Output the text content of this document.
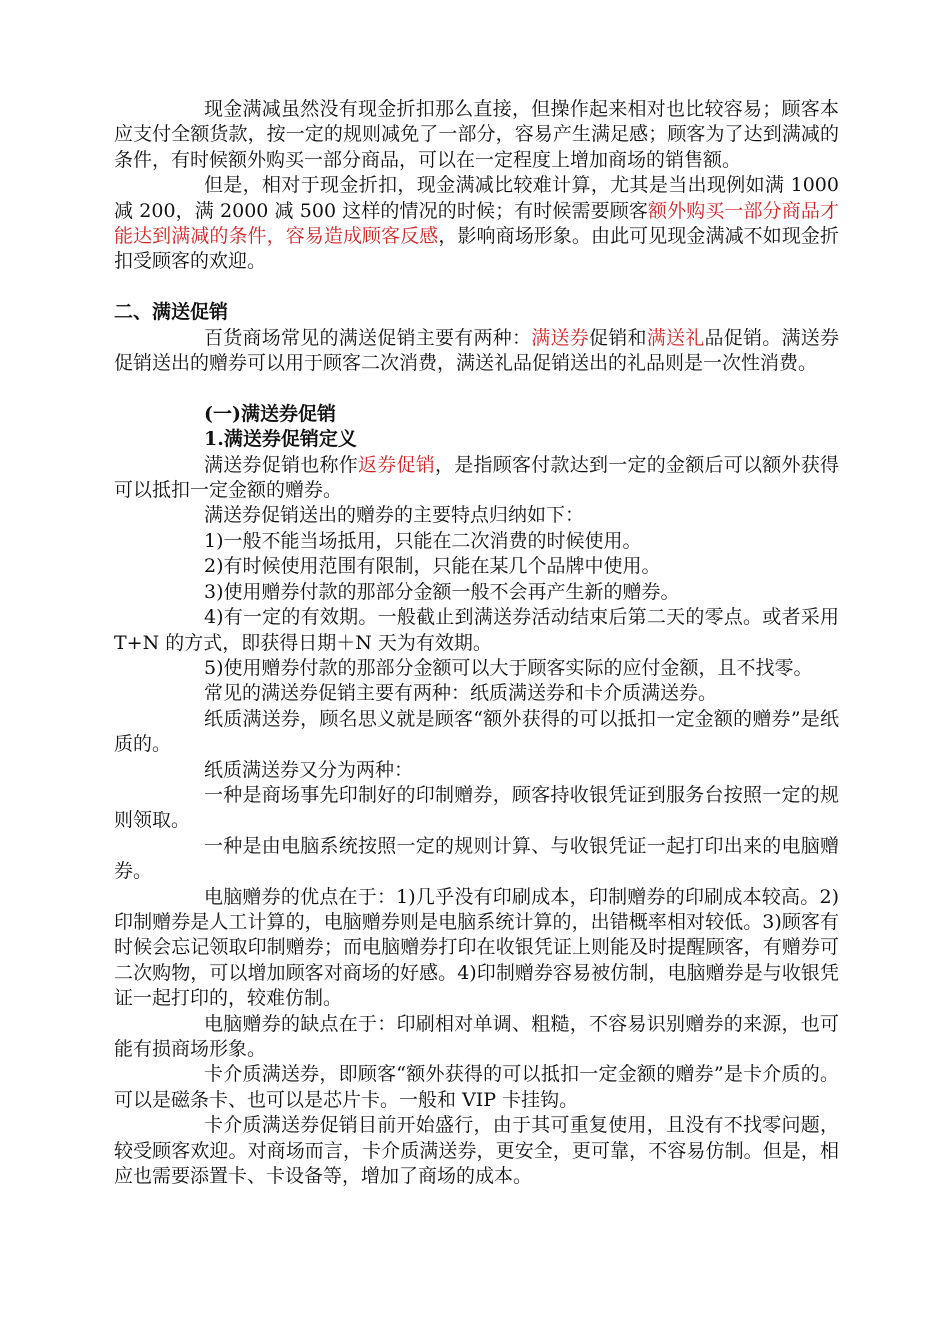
现金满减虽然没有现金折扣那么直接，但操作起来相对也比较容易；顾客本应支付全额货款，按一定的规则减免了一部分，容易产生满足感；顾客为了达到满减的条件，有时候额外购买一部分商品，可以在一定程度上增加商场的销售额。

但是，相对于现金折扣，现金满减比较难计算，尤其是当出现例如满 1000 减 200，满 2000 减 500 这样的情况的时候；有时候需要顾客额外购买一部分商品才能达到满减的条件，容易造成顾客反感，影响商场形象。由此可见现金满减不如现金折扣受顾客的欢迎。

二、满送促销

百货商场常见的满送促销主要有两种：满送券促销和满送礼品促销。满送券促销送出的赠券可以用于顾客二次消费，满送礼品促销送出的礼品则是一次性消费。

(一)满送券促销

1.满送券促销定义

满送券促销也称作返券促销，是指顾客付款达到一定的金额后可以额外获得可以抵扣一定金额的赠券。

满送券促销送出的赠券的主要特点归纳如下：

1)一般不能当场抵用，只能在二次消费的时候使用。

2)有时候使用范围有限制，只能在某几个品牌中使用。

3)使用赠券付款的那部分金额一般不会再产生新的赠券。

4)有一定的有效期。一般截止到满送券活动结束后第二天的零点。或者采用 T+N 的方式，即获得日期＋N 天为有效期。

5)使用赠券付款的那部分金额可以大于顾客实际的应付金额，且不找零。

常见的满送券促销主要有两种：纸质满送券和卡介质满送券。

纸质满送券，顾名思义就是顾客“额外获得的可以抵扣一定金额的赠券”是纸质的。

纸质满送券又分为两种：

一种是商场事先印制好的印制赠券，顾客持收银凭证到服务台按照一定的规则领取。

一种是由电脑系统按照一定的规则计算、与收银凭证一起打印出来的电脑赠券。

电脑赠券的优点在于：1)几乎没有印刷成本，印制赠券的印刷成本较高。2)印制赠券是人工计算的，电脑赠券则是电脑系统计算的，出错概率相对较低。3)顾客有时候会忘记领取印制赠券；而电脑赠券打印在收银凭证上则能及时提醒顾客，有赠券可二次购物，可以增加顾客对商场的好感。4)印制赠券容易被仿制，电脑赠券是与收银凭证一起打印的，较难仿制。

电脑赠券的缺点在于：印刷相对单调、粗糙，不容易识别赠券的来源，也可能有损商场形象。

卡介质满送券，即顾客“额外获得的可以抵扣一定金额的赠券”是卡介质的。可以是磁条卡、也可以是芯片卡。一般和 VIP 卡挂钩。

卡介质满送券促销目前开始盛行，由于其可重复使用，且没有不找零问题，较受顾客欢迎。对商场而言，卡介质满送券，更安全，更可靠，不容易仿制。但是，相应也需要添置卡、卡设备等，增加了商场的成本。
